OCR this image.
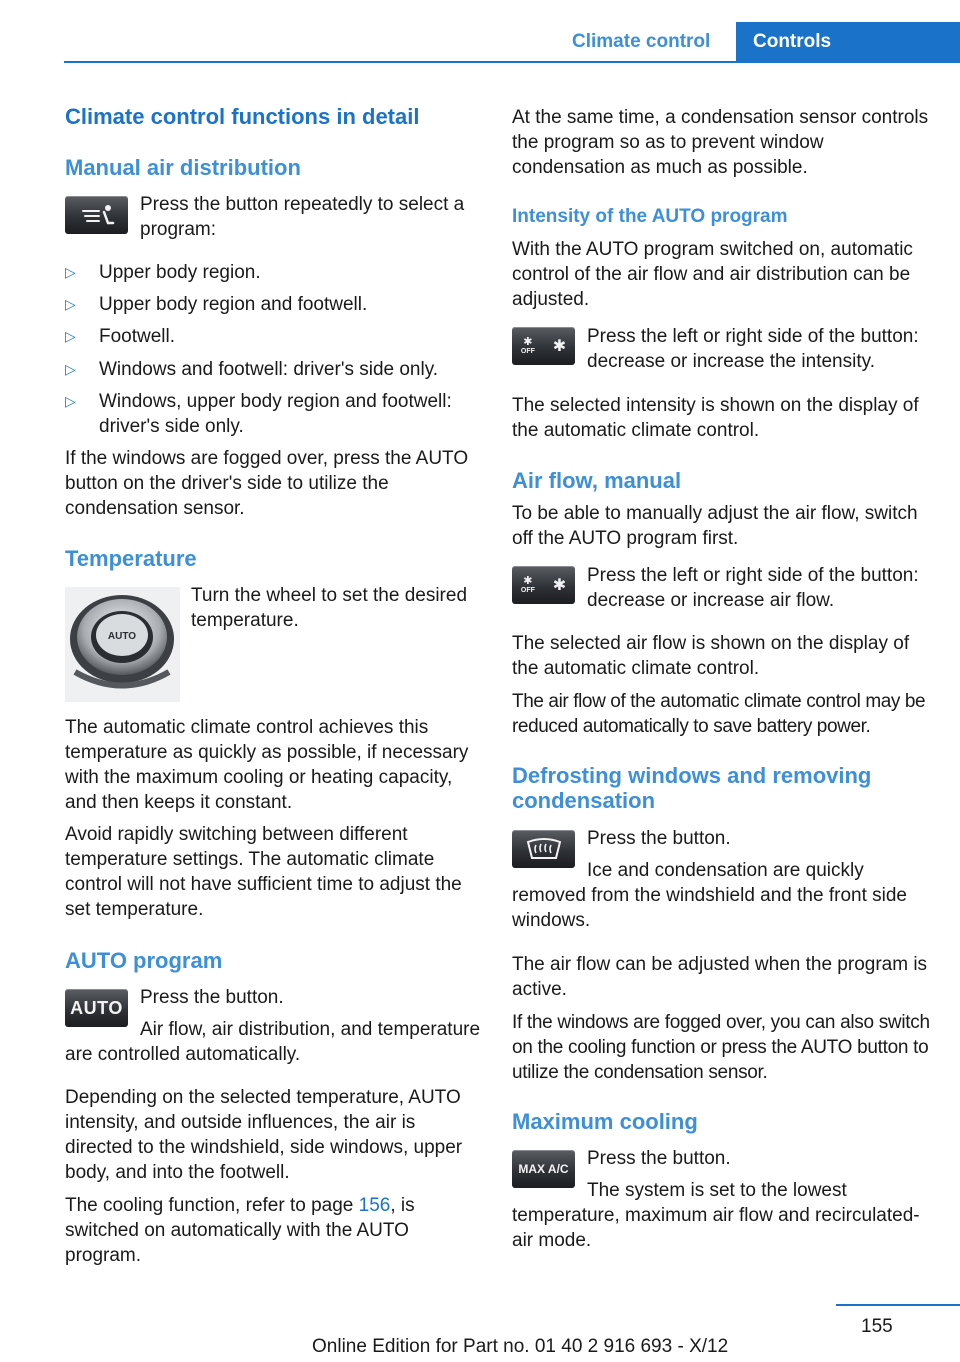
Climate control Controls
Climate control functions in detail
Manual air distribution

Press the button repeatedly to select a program:

▷	Upper body region.
▷	Upper body region and footwell.
▷	Footwell.
▷	Windows and footwell: driver's side only.
▷	Windows, upper body region and footwell: driver's side only.

If the windows are fogged over, press the AUTO button on the driver's side to utilize the condensation sensor.

Temperature
AUTO

Turn the wheel to set the desired temperature.

The automatic climate control achieves this temperature as quickly as possible, if necessary with the maximum cooling or heating capacity, and then keeps it constant.

Avoid rapidly switching between different temperature settings. The automatic climate control will not have sufficient time to adjust the set temperature.

AUTO program
AUTO Press the button.

Air flow, air distribution, and temperature are controlled automatically.

Depending on the selected temperature, AUTO intensity, and outside influences, the air is directed to the windshield, side windows, upper body, and into the footwell.

The cooling function, refer to page 156, is switched on automatically with the AUTO program.

At the same time, a condensation sensor controls the program so as to prevent window condensation as much as possible.

Intensity of the AUTO program

With the AUTO program switched on, automatic control of the air flow and air distribution can be adjusted.

✱
OFF ✱ Press the left or right side of the button: decrease or increase the intensity.

The selected intensity is shown on the display of the automatic climate control.

Air flow, manual

To be able to manually adjust the air flow, switch off the AUTO program first.

✱
OFF ✱ Press the left or right side of the button: decrease or increase air flow.

The selected air flow is shown on the display of the automatic climate control.

The air flow of the automatic climate control may be reduced automatically to save battery power.

Defrosting windows and removing condensation

Press the button.

Ice and condensation are quickly removed from the windshield and the front side windows.

The air flow can be adjusted when the program is active.

If the windows are fogged over, you can also switch on the cooling function or press the AUTO button to utilize the condensation sensor.

Maximum cooling
MAX A/C Press the button.

The system is set to the lowest temperature, maximum air flow and recirculated-air mode.

155
Online Edition for Part no. 01 40 2 916 693 - X/12
